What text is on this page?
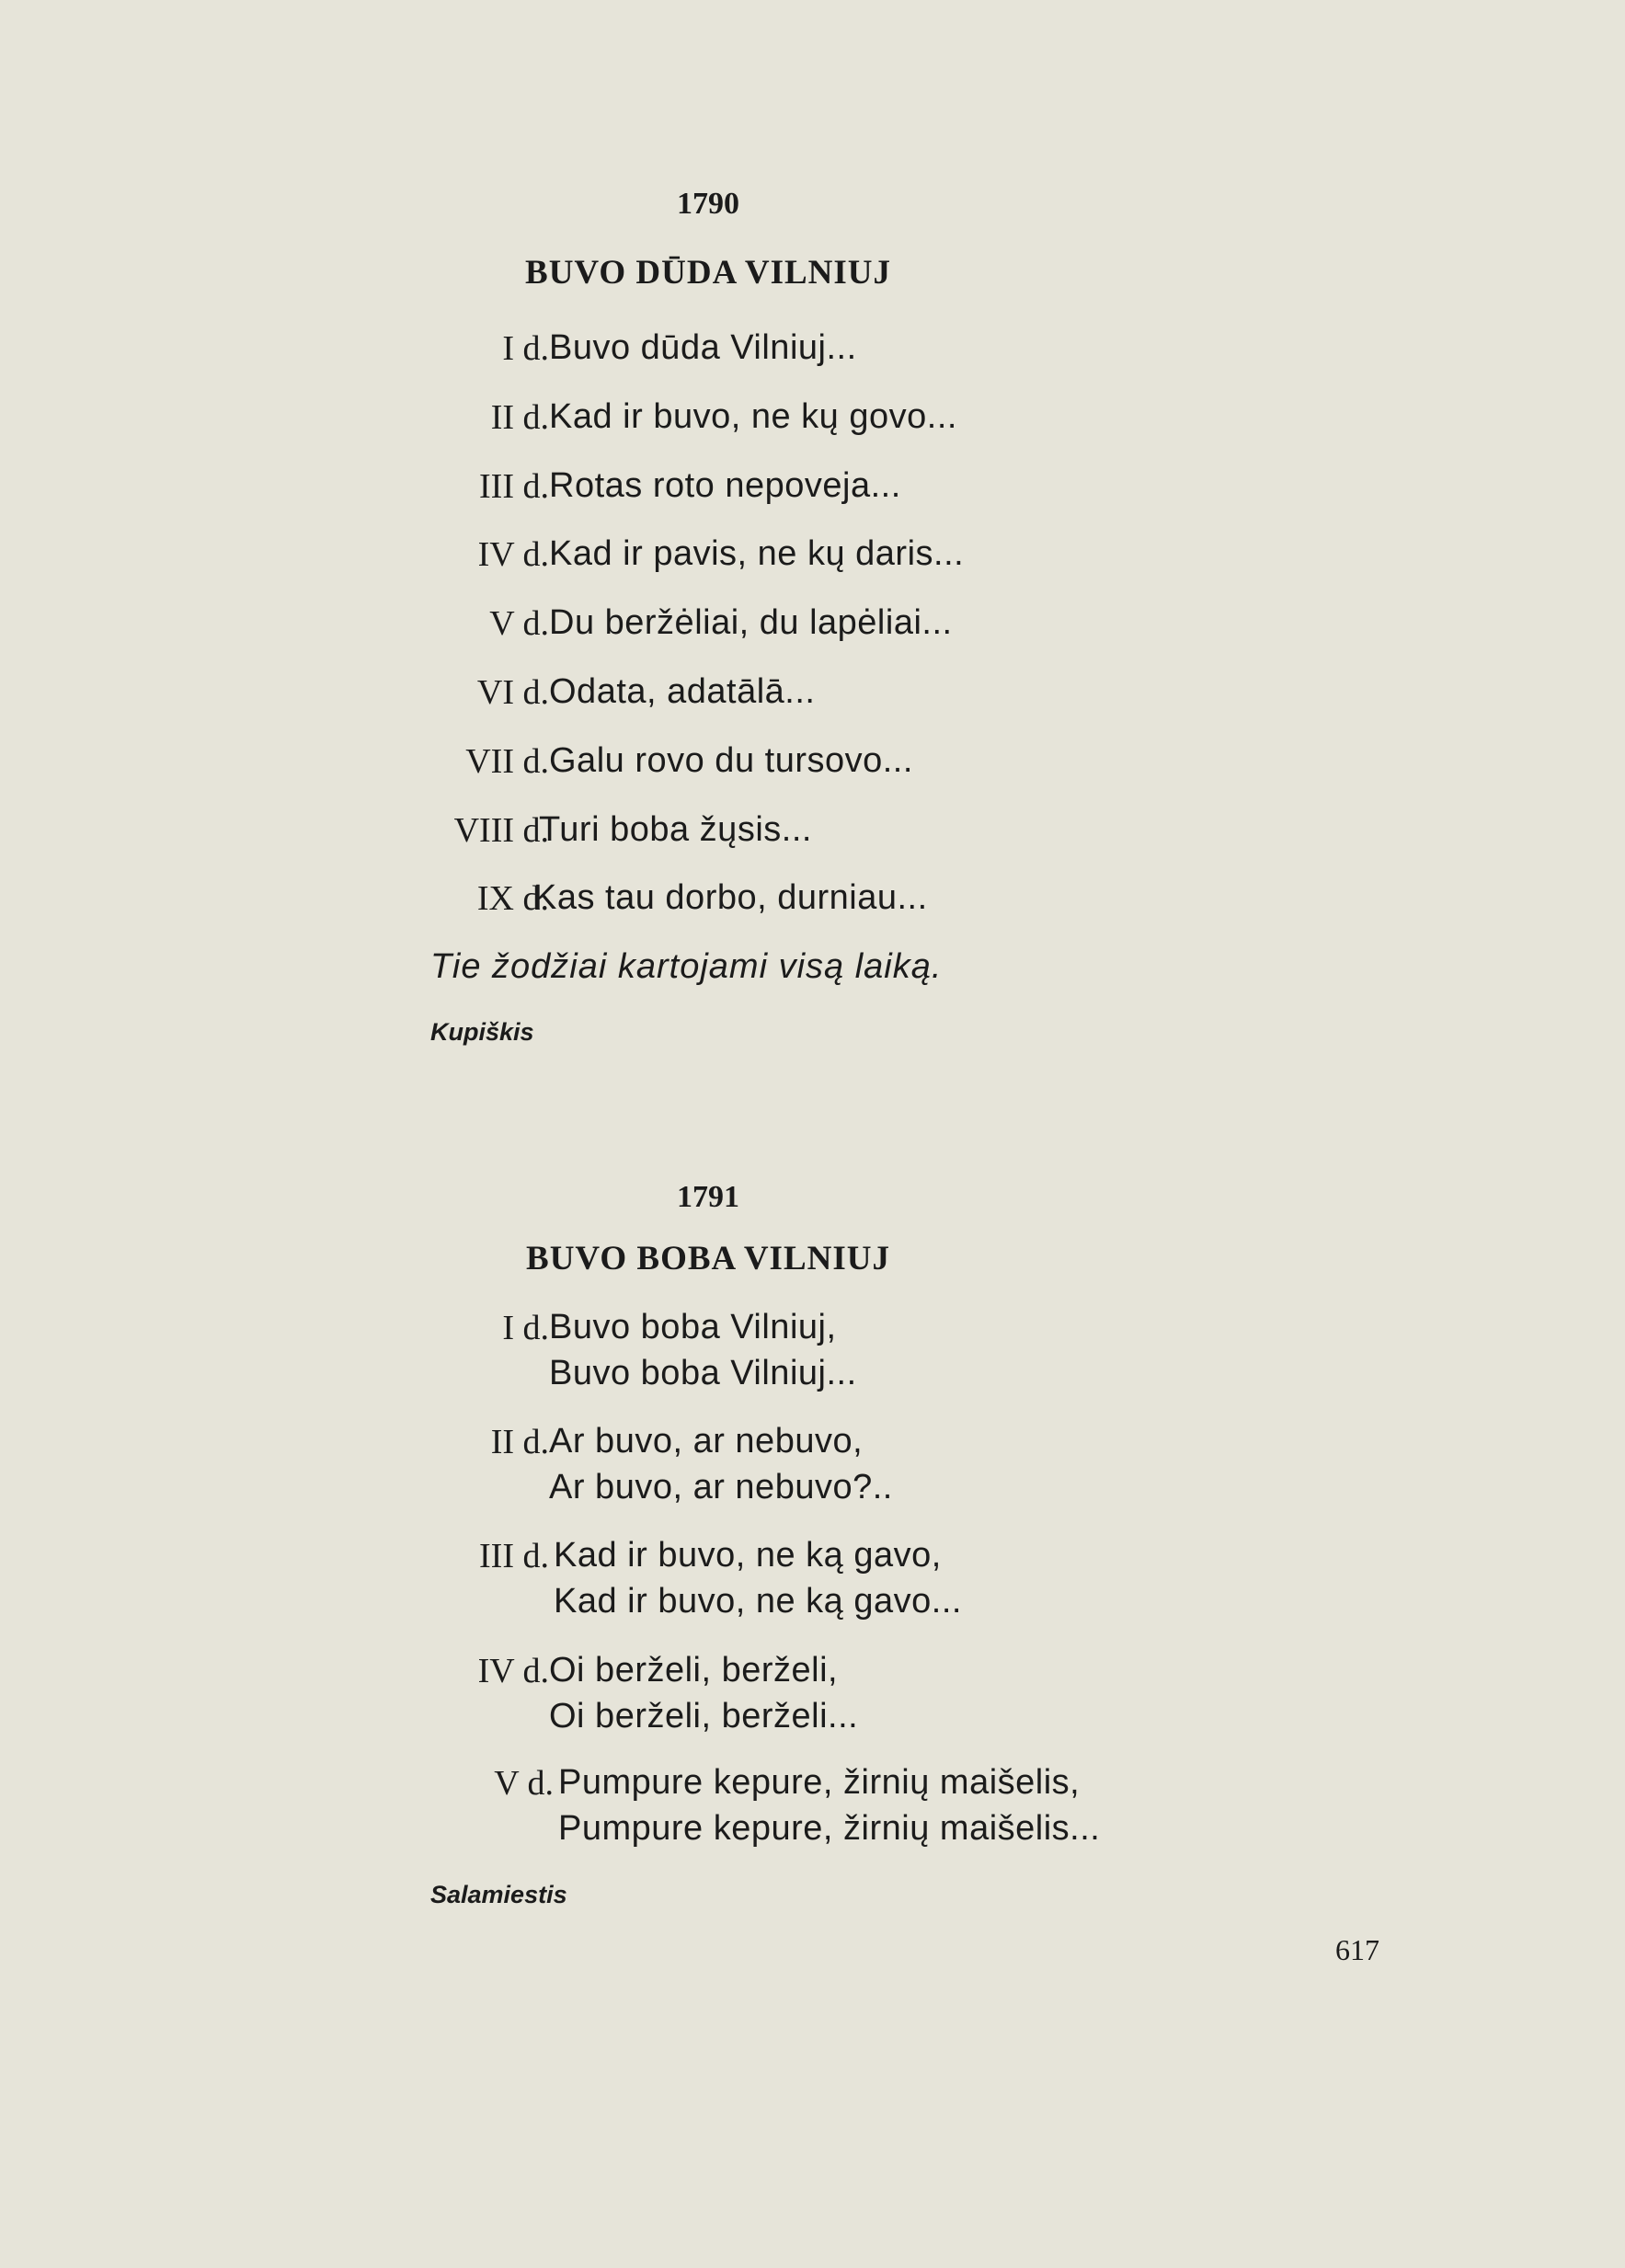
1790
BUVO DŪDA VILNIUJ
I d. Buvo dūda Vilniuj...
II d. Kad ir buvo, ne kų govo...
III d. Rotas roto nepoveja...
IV d. Kad ir pavis, ne kų daris...
V d. Du beržėliai, du lapėliai...
VI d. Odata, adatālā...
VII d. Galu rovo du tursovo...
VIII d.
Turi boba žųsis...
IX d.
Kas tau dorbo, durniau...
Tie žodžiai kartojami visą laiką.
Kupiškis
1791
BUVO BOBA VILNIUJ
I d. Buvo boba Vilniuj,
Buvo boba Vilniuj...
II d. Ar buvo, ar nebuvo,
Ar buvo, ar nebuvo?..
III d. Kad ir buvo, ne ką gavo,
Kad ir buvo, ne ką gavo...
IV d. Oi berželi, berželi,
Oi berželi, berželi...
V d. Pumpure kepure, žirnių maišelis,
Pumpure kepure, žirnių maišelis...
Salamiestis
617
